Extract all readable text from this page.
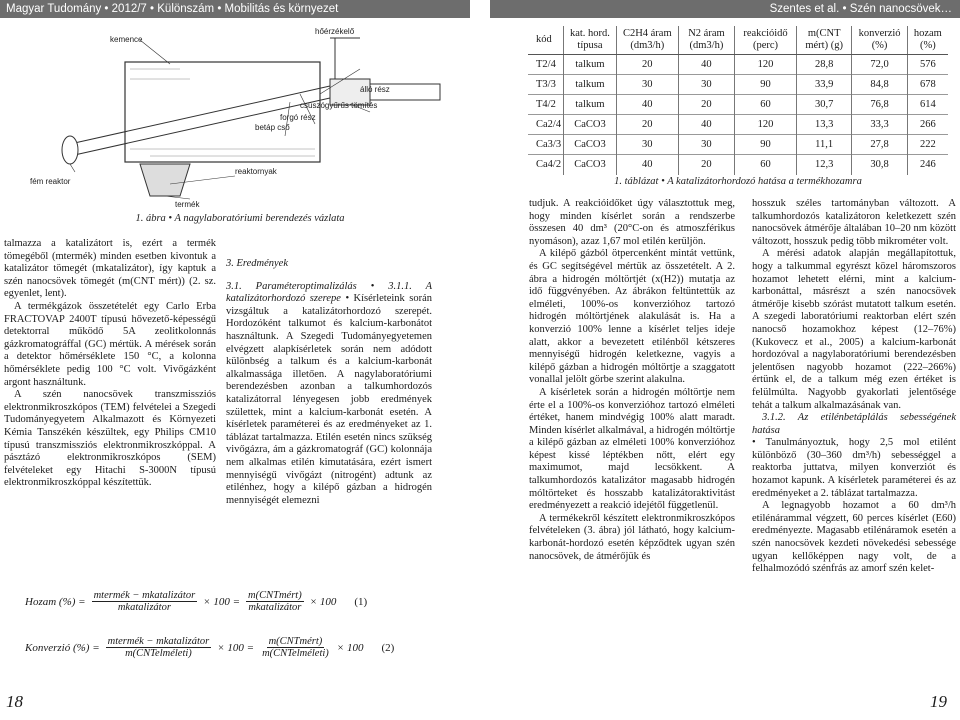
Magyar Tudomány • 2012/7 • Különszám • Mobilitás és környezet	Szentes et al. • Szén nanocsövek…
kemence
hőérzékelő
álló rész
csúszógyűrűs tömítés
forgó rész
betáp cső
fém reaktor
reaktornyak
termék
1. ábra • A nagylaboratóriumi berendezés vázlata

talmazza a katalizátort is, ezért a termék tömegéből (mtermék) minden esetben kivontuk a katalizátor tömegét (mkatalizátor), így kaptuk a szén nanocsövek tömegét (m(CNT mért)) (2. sz. egyenlet, lent).

A termékgázok összetételét egy Carlo Erba FRACTOVAP 2400T típusú hővezető-képességű detektorral működő 5A zeolitkolonnás gázkromatográffal (GC) mértük. A mérések során a detektor hőmérséklete 150 °C, a kolonna hőmérséklete pedig 100 °C volt. Vivőgázként argont használtunk.

A szén nanocsövek transzmissziós elektronmikroszkópos (TEM) felvételei a Szegedi Tudományegyetem Alkalmazott és Környezeti Kémia Tanszékén készültek, egy Philips CM10 típusú transzmissziós elektronmikroszkóppal. A pásztázó elektronmikroszkópos (SEM) felvételeket egy Hitachi S-3000N típusú elektronmikroszkóppal készítettük.

3. Eredmények

3.1. Paraméteroptimalizálás • 3.1.1. A katalizátorhordozó szerepe • Kísérleteink során vizsgáltuk a katalizátorhordozó szerepét. Hordozóként talkumot és kalcium-karbonátot használtunk. A Szegedi Tudományegyetemen elvégzett alapkísérletek során nem adódott különbség a talkum és a kalcium-karbonát alkalmassága illetően. A nagylaboratóriumi berendezésben azonban a talkumhordozós katalizátorral lényegesen jobb eredmények születtek, mint a kalcium-karbonát esetén. A kísérletek paraméterei és az eredményeket az 1. táblázat tartalmazza. Etilén esetén nincs szükség vivőgázra, ám a gázkromatográf (GC) kolonnája nem alkalmas etilén kimutatására, ezért ismert mennyiségű vivőgázt (nitrogént) adtunk az etilénhez, hogy a kilépő gázban a hidrogén mennyiségét elemezni

Hozam (%) = $\frac{\text{mtermék − mkatalizátor}}{\text{mkatalizátor}} \times 100 = \frac{\text{m(CNTmért)}}{\text{mkatalizátor}} \times 100$ (1)
Konverzió (%) = $\frac{\text{mtermék − mkatalizátor}}{\text{m(CNTelméleti)}} \times 100 = \frac{\text{m(CNTmért)}}{\text{m(CNTelméleti)}} \times 100$ (2)
kód	kat. hord. típusa	C2H4 áram (dm3/h)	N2 áram (dm3/h)	reakcióidő (perc)	m(CNT mért) (g)	konverzió (%)	hozam (%)
T2/4	talkum	20	40	120	28,8	72,0	576
T3/3	talkum	30	30	90	33,9	84,8	678
T4/2	talkum	40	20	60	30,7	76,8	614
Ca2/4	CaCO3	20	40	120	13,3	33,3	266
Ca3/3	CaCO3	30	30	90	11,1	27,8	222
Ca4/2	CaCO3	40	20	60	12,3	30,8	246
1. táblázat • A katalizátorhordozó hatása a termékhozamra

tudjuk. A reakcióidőket úgy választottuk meg, hogy minden kísérlet során a rendszerbe összesen 40 dm³ (20°C-on és atmoszférikus nyomáson), azaz 1,67 mol etilén kerüljön.

A kilépő gázból ötpercenként mintát vettünk, és GC segítségével mértük az összetételt. A 2. ábra a hidrogén móltörtjét (x(H2)) mutatja az idő függvényében. Az ábrákon feltüntettük az elméleti, 100%-os konverzióhoz tartozó hidrogén móltörtjének alakulását is. Ha a konverzió 100% lenne a kísérlet teljes ideje alatt, akkor a bevezetett etilénből kétszeres mennyiségű hidrogén keletkezne, vagyis a kilépő gázban a hidrogén móltörtje a szaggatott vonallal jelölt görbe szerint alakulna.

A kísérletek során a hidrogén móltörtje nem érte el a 100%-os konverzióhoz tartozó elméleti értéket, hanem mindvégig 100% alatt maradt. Minden kísérlet alkalmával, a hidrogén móltörtje a kilépő gázban az elméleti 100% konverzióhoz képest kissé léptékben nőtt, elért egy maximumot, majd lecsökkent. A talkumhordozós katalizátor magasabb hidrogén móltörteket és hosszabb katalizátoraktivitást eredményezett a reakció idejétől függetlenül.

A termékekről készített elektronmikroszkópos felvételeken (3. ábra) jól látható, hogy kalcium-karbonát-hordozó esetén képződtek ugyan szén nanocsövek, de átmérőjük és

hosszuk széles tartományban változott. A talkumhordozós katalizátoron keletkezett szén nanocsövek átmérője általában 10–20 nm között változott, hosszuk pedig több mikrométer volt.

A mérési adatok alapján megállapítottuk, hogy a talkummal egyrészt közel háromszoros hozamot lehetett elérni, mint a kalcium-karbonáttal, másrészt a szén nanocsövek átmérője kisebb szórást mutatott talkum esetén. A szegedi laboratóriumi reaktorban elért szén nanocső hozamokhoz képest (12–76%) (Kukovecz et al., 2005) a kalcium-karbonát hordozóval a nagylaboratóriumi berendezésben jelentősen nagyobb hozamot (222–266%) értünk el, de a talkum még ezen értéket is felülmúlta. Nagyobb gyakorlati jelentősége tehát a talkum alkalmazásának van.

3.1.2. Az etilénbetáplálás sebességének hatása

• Tanulmányoztuk, hogy 2,5 mol etilént különböző (30–360 dm³/h) sebességgel a reaktorba juttatva, milyen konverziót és hozamot kapunk. A kísérletek paraméterei és az eredményeket a 2. táblázat tartalmazza.

A legnagyobb hozamot a 60 dm³/h etilénárammal végzett, 60 perces kísérlet (E60) eredményezte. Magasabb etilénáramok esetén a szén nanocsövek kezdeti növekedési sebessége ugyan kellőképpen nagy volt, de a felhalmozódó szénfrás az amorf szén kelet-

18	19
